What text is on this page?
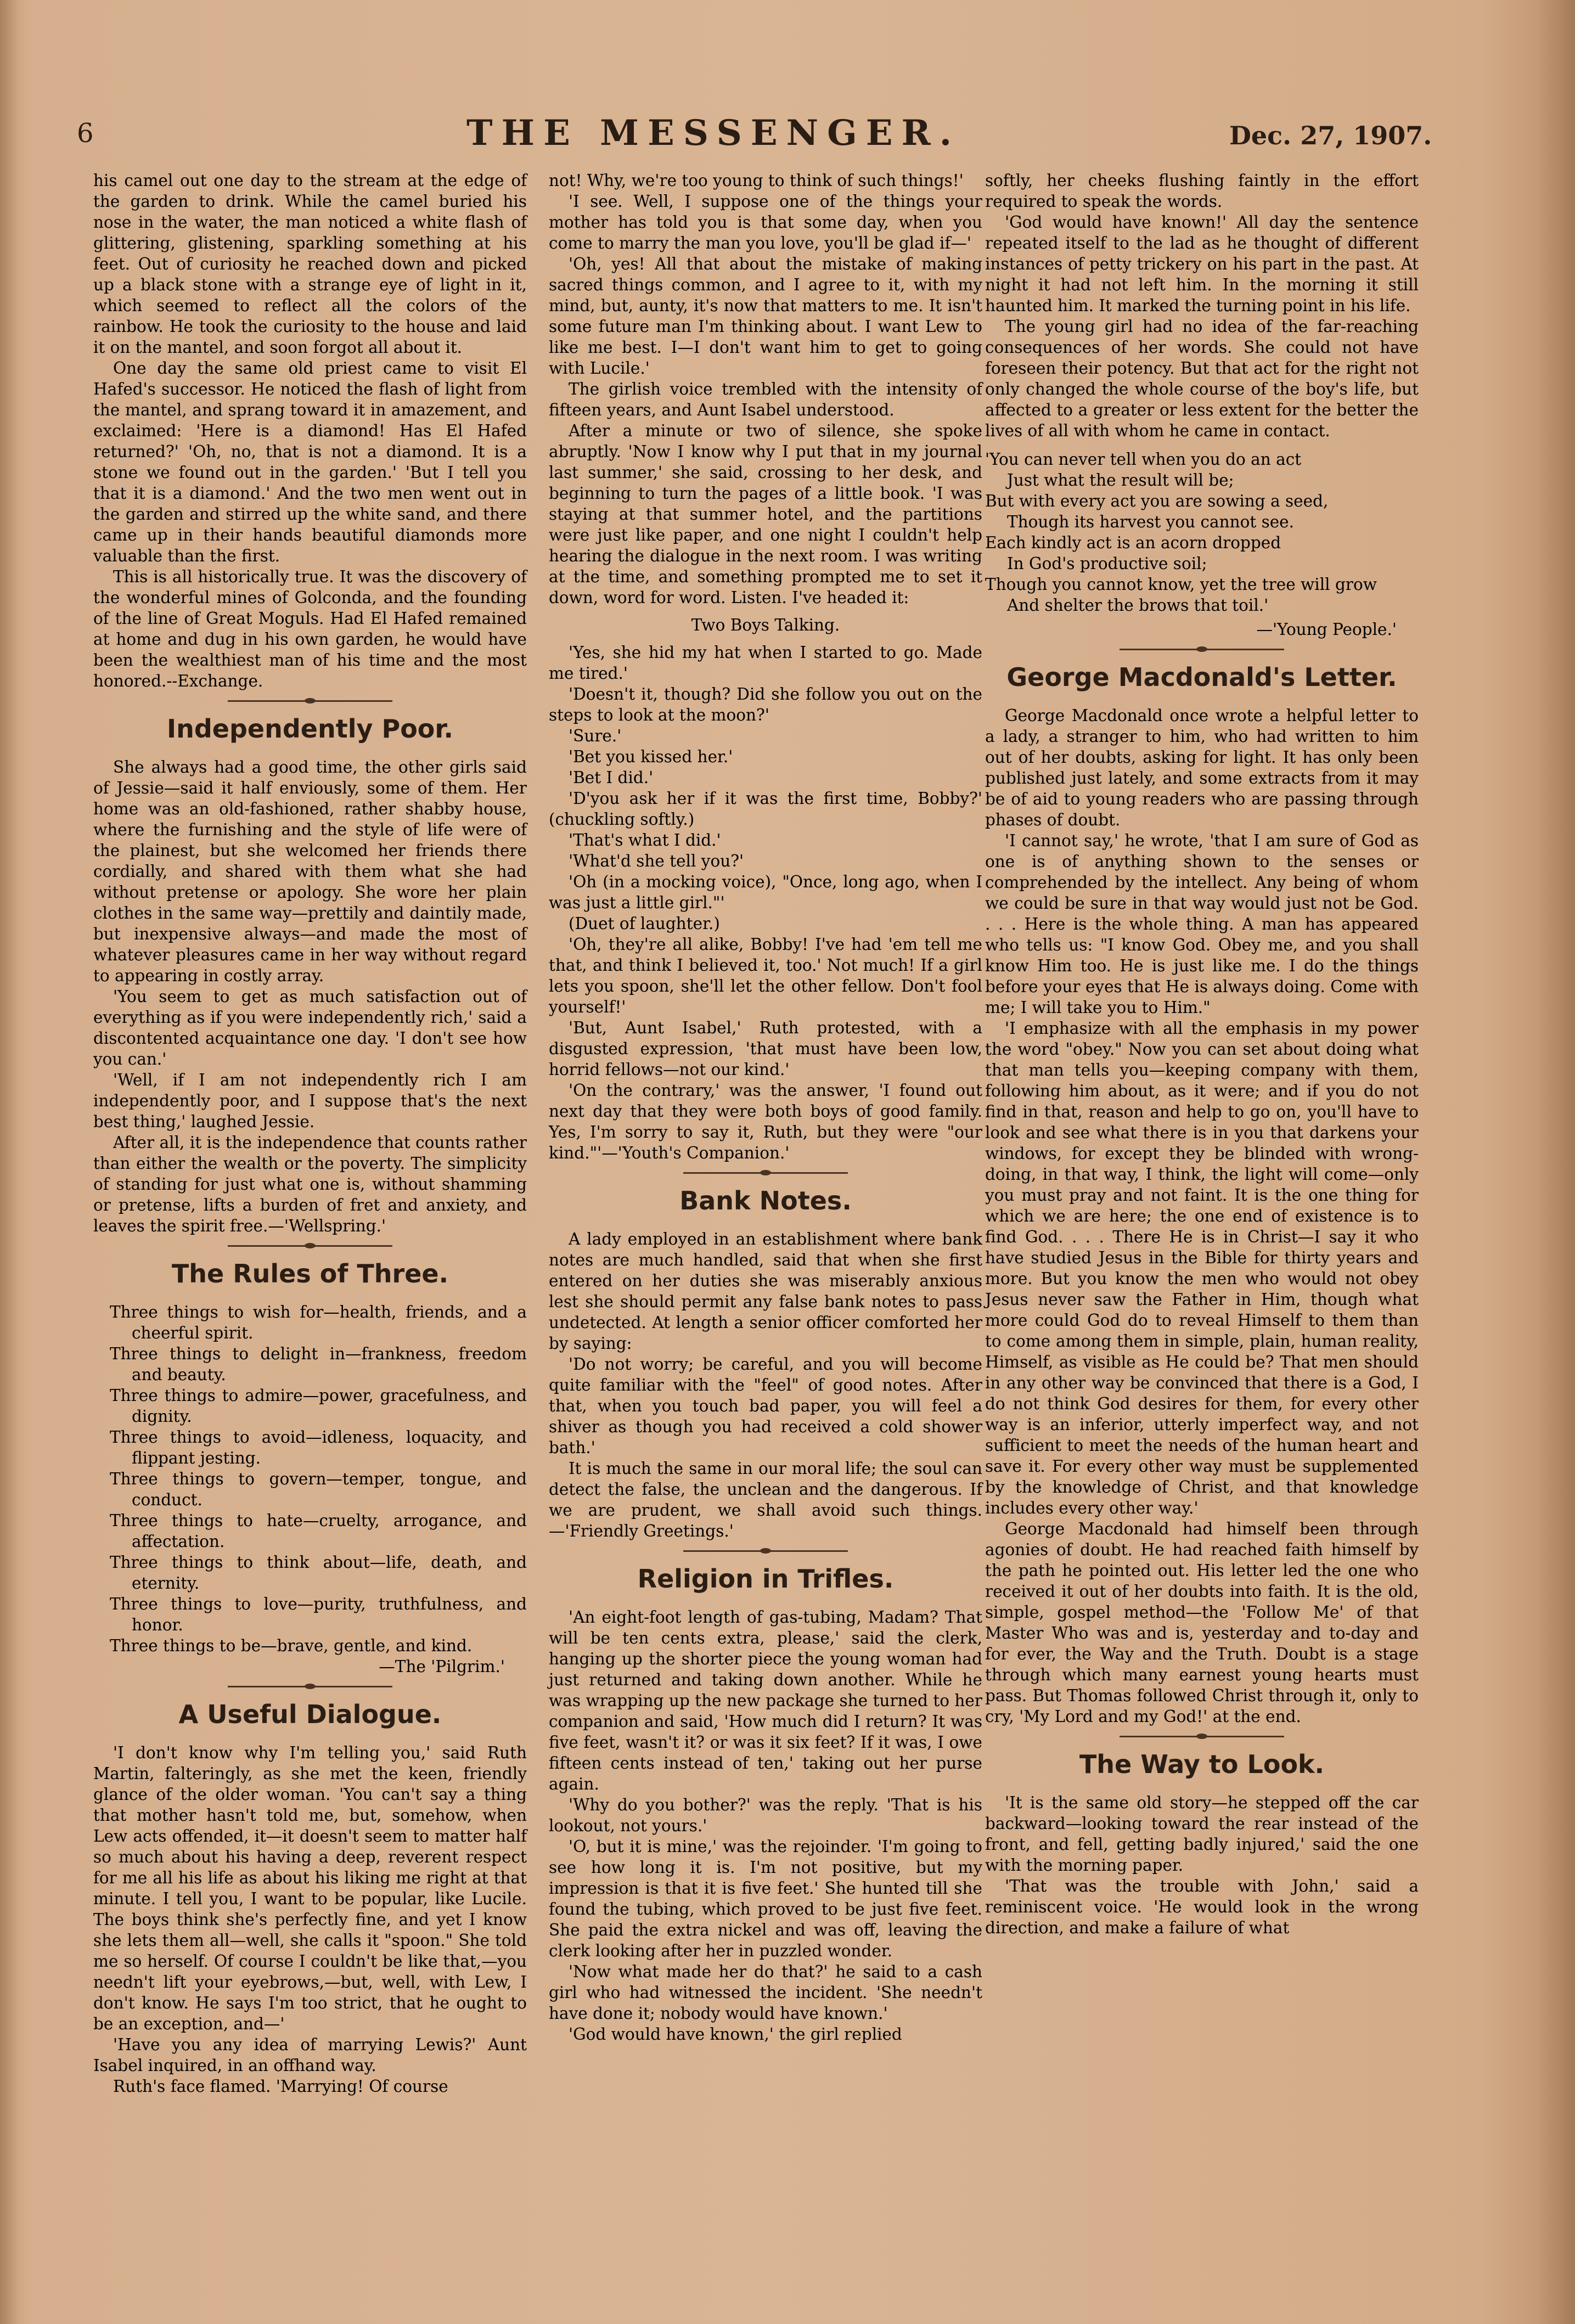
6	THE MESSENGER.	Dec. 27, 1907.

his camel out one day to the stream at the edge of the garden to drink. While the camel buried his nose in the water, the man noticed a white flash of glittering, glistening, sparkling something at his feet. Out of curiosity he reached down and picked up a black stone with a strange eye of light in it, which seemed to reflect all the colors of the rainbow. He took the curiosity to the house and laid it on the mantel, and soon forgot all about it.

One day the same old priest came to visit El Hafed's successor. He noticed the flash of light from the mantel, and sprang toward it in amazement, and exclaimed: 'Here is a diamond! Has El Hafed returned?' 'Oh, no, that is not a diamond. It is a stone we found out in the garden.' 'But I tell you that it is a diamond.' And the two men went out in the garden and stirred up the white sand, and there came up in their hands beautiful diamonds more valuable than the first.

This is all historically true. It was the discovery of the wonderful mines of Golconda, and the founding of the line of Great Moguls. Had El Hafed remained at home and dug in his own garden, he would have been the wealthiest man of his time and the most honored.--Exchange.

Independently Poor.

She always had a good time, the other girls said of Jessie—said it half enviously, some of them. Her home was an old-fashioned, rather shabby house, where the furnishing and the style of life were of the plainest, but she welcomed her friends there cordially, and shared with them what she had without pretense or apology. She wore her plain clothes in the same way—prettily and daintily made, but inexpensive always—and made the most of whatever pleasures came in her way without regard to appearing in costly array.

'You seem to get as much satisfaction out of everything as if you were independently rich,' said a discontented acquaintance one day. 'I don't see how you can.'

'Well, if I am not independently rich I am independently poor, and I suppose that's the next best thing,' laughed Jessie.

After all, it is the independence that counts rather than either the wealth or the poverty. The simplicity of standing for just what one is, without shamming or pretense, lifts a burden of fret and anxiety, and leaves the spirit free.—'Wellspring.'

The Rules of Three.

Three things to wish for—health, friends, and a cheerful spirit.

Three things to delight in—frankness, freedom and beauty.

Three things to admire—power, gracefulness, and dignity.

Three things to avoid—idleness, loquacity, and flippant jesting.

Three things to govern—temper, tongue, and conduct.

Three things to hate—cruelty, arrogance, and affectation.

Three things to think about—life, death, and eternity.

Three things to love—purity, truthfulness, and honor.

Three things to be—brave, gentle, and kind.

—The 'Pilgrim.'

A Useful Dialogue.

'I don't know why I'm telling you,' said Ruth Martin, falteringly, as she met the keen, friendly glance of the older woman. 'You can't say a thing that mother hasn't told me, but, somehow, when Lew acts offended, it—it doesn't seem to matter half so much about his having a deep, reverent respect for me all his life as about his liking me right at that minute. I tell you, I want to be popular, like Lucile. The boys think she's perfectly fine, and yet I know she lets them all—well, she calls it "spoon." She told me so herself. Of course I couldn't be like that,—you needn't lift your eyebrows,—but, well, with Lew, I don't know. He says I'm too strict, that he ought to be an exception, and—'

'Have you any idea of marrying Lewis?' Aunt Isabel inquired, in an offhand way.

Ruth's face flamed. 'Marrying! Of course

not! Why, we're too young to think of such things!'

'I see. Well, I suppose one of the things your mother has told you is that some day, when you come to marry the man you love, you'll be glad if—'

'Oh, yes! All that about the mistake of making sacred things common, and I agree to it, with my mind, but, aunty, it's now that matters to me. It isn't some future man I'm thinking about. I want Lew to like me best. I—I don't want him to get to going with Lucile.'

The girlish voice trembled with the intensity of fifteen years, and Aunt Isabel understood.

After a minute or two of silence, she spoke abruptly. 'Now I know why I put that in my journal last summer,' she said, crossing to her desk, and beginning to turn the pages of a little book. 'I was staying at that summer hotel, and the partitions were just like paper, and one night I couldn't help hearing the dialogue in the next room. I was writing at the time, and something prompted me to set it down, word for word. Listen. I've headed it:

Two Boys Talking.

'Yes, she hid my hat when I started to go. Made me tired.'

'Doesn't it, though? Did she follow you out on the steps to look at the moon?'

'Sure.'

'Bet you kissed her.'

'Bet I did.'

'D'you ask her if it was the first time, Bobby?' (chuckling softly.)

'That's what I did.'

'What'd she tell you?'

'Oh (in a mocking voice), "Once, long ago, when I was just a little girl."'

(Duet of laughter.)

'Oh, they're all alike, Bobby! I've had 'em tell me that, and think I believed it, too.' Not much! If a girl lets you spoon, she'll let the other fellow. Don't fool yourself!'

'But, Aunt Isabel,' Ruth protested, with a disgusted expression, 'that must have been low, horrid fellows—not our kind.'

'On the contrary,' was the answer, 'I found out next day that they were both boys of good family. Yes, I'm sorry to say it, Ruth, but they were "our kind."'—'Youth's Companion.'

Bank Notes.

A lady employed in an establishment where bank notes are much handled, said that when she first entered on her duties she was miserably anxious lest she should permit any false bank notes to pass undetected. At length a senior officer comforted her by saying:

'Do not worry; be careful, and you will become quite familiar with the "feel" of good notes. After that, when you touch bad paper, you will feel a shiver as though you had received a cold shower bath.'

It is much the same in our moral life; the soul can detect the false, the unclean and the dangerous. If we are prudent, we shall avoid such things.—'Friendly Greetings.'

Religion in Trifles.

'An eight-foot length of gas-tubing, Madam? That will be ten cents extra, please,' said the clerk, hanging up the shorter piece the young woman had just returned and taking down another. While he was wrapping up the new package she turned to her companion and said, 'How much did I return? It was five feet, wasn't it? or was it six feet? If it was, I owe fifteen cents instead of ten,' taking out her purse again.

'Why do you bother?' was the reply. 'That is his lookout, not yours.'

'O, but it is mine,' was the rejoinder. 'I'm going to see how long it is. I'm not positive, but my impression is that it is five feet.' She hunted till she found the tubing, which proved to be just five feet. She paid the extra nickel and was off, leaving the clerk looking after her in puzzled wonder.

'Now what made her do that?' he said to a cash girl who had witnessed the incident. 'She needn't have done it; nobody would have known.'

'God would have known,' the girl replied

softly, her cheeks flushing faintly in the effort required to speak the words.

'God would have known!' All day the sentence repeated itself to the lad as he thought of different instances of petty trickery on his part in the past. At night it had not left him. In the morning it still haunted him. It marked the turning point in his life.

The young girl had no idea of the far-reaching consequences of her words. She could not have foreseen their potency. But that act for the right not only changed the whole course of the boy's life, but affected to a greater or less extent for the better the lives of all with whom he came in contact.

'You can never tell when you do an act

Just what the result will be;

But with every act you are sowing a seed,

Though its harvest you cannot see.

Each kindly act is an acorn dropped

In God's productive soil;

Though you cannot know, yet the tree will grow

And shelter the brows that toil.'

—'Young People.'

George Macdonald's Letter.

George Macdonald once wrote a helpful letter to a lady, a stranger to him, who had written to him out of her doubts, asking for light. It has only been published just lately, and some extracts from it may be of aid to young readers who are passing through phases of doubt.

'I cannot say,' he wrote, 'that I am sure of God as one is of anything shown to the senses or comprehended by the intellect. Any being of whom we could be sure in that way would just not be God. . . . Here is the whole thing. A man has appeared who tells us: "I know God. Obey me, and you shall know Him too. He is just like me. I do the things before your eyes that He is always doing. Come with me; I will take you to Him."

'I emphasize with all the emphasis in my power the word "obey." Now you can set about doing what that man tells you—keeping company with them, following him about, as it were; and if you do not find in that, reason and help to go on, you'll have to look and see what there is in you that darkens your windows, for except they be blinded with wrong-doing, in that way, I think, the light will come—only you must pray and not faint. It is the one thing for which we are here; the one end of existence is to find God. . . . There He is in Christ—I say it who have studied Jesus in the Bible for thirty years and more. But you know the men who would not obey Jesus never saw the Father in Him, though what more could God do to reveal Himself to them than to come among them in simple, plain, human reality, Himself, as visible as He could be? That men should in any other way be convinced that there is a God, I do not think God desires for them, for every other way is an inferior, utterly imperfect way, and not sufficient to meet the needs of the human heart and save it. For every other way must be supplemented by the knowledge of Christ, and that knowledge includes every other way.'

George Macdonald had himself been through agonies of doubt. He had reached faith himself by the path he pointed out. His letter led the one who received it out of her doubts into faith. It is the old, simple, gospel method—the 'Follow Me' of that Master Who was and is, yesterday and to-day and for ever, the Way and the Truth. Doubt is a stage through which many earnest young hearts must pass. But Thomas followed Christ through it, only to cry, 'My Lord and my God!' at the end.

The Way to Look.

'It is the same old story—he stepped off the car backward—looking toward the rear instead of the front, and fell, getting badly injured,' said the one with the morning paper.

'That was the trouble with John,' said a reminiscent voice. 'He would look in the wrong direction, and make a failure of what
